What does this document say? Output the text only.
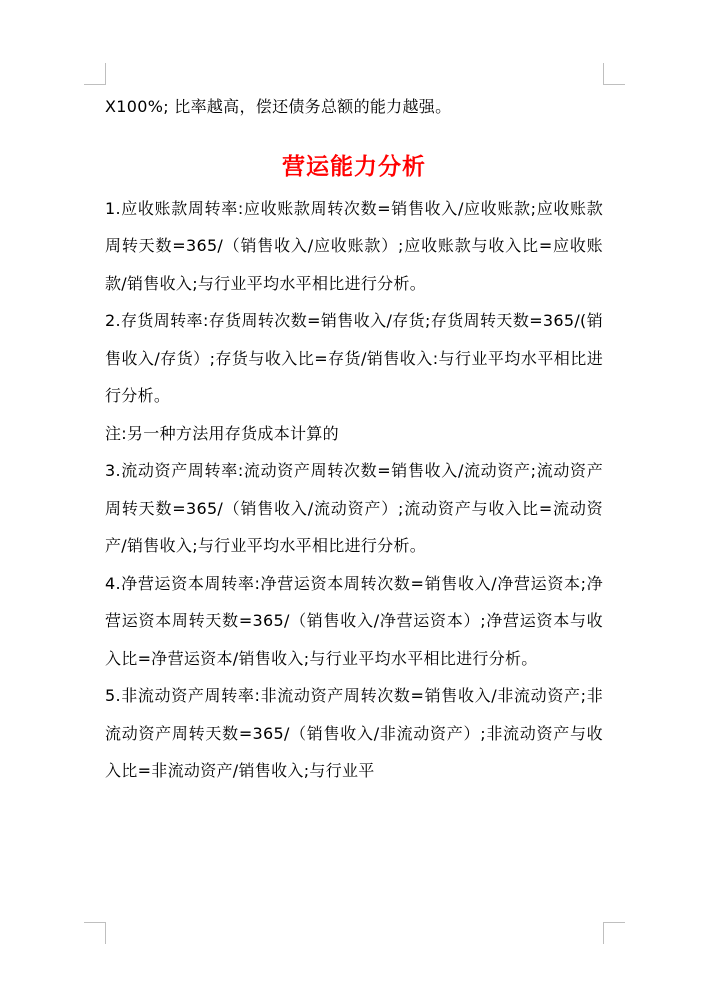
X100%; 比率越高，偿还债务总额的能力越强。

营运能力分析

1.应收账款周转率:应收账款周转次数=销售收入/应收账款;应收账款周转天数=365/（销售收入/应收账款）;应收账款与收入比=应收账款/销售收入;与行业平均水平相比进行分析。

2.存货周转率:存货周转次数=销售收入/存货;存货周转天数=365/(销售收入/存货）;存货与收入比=存货/销售收入:与行业平均水平相比进行分析。

注:另一种方法用存货成本计算的

3.流动资产周转率:流动资产周转次数=销售收入/流动资产;流动资产周转天数=365/（销售收入/流动资产）;流动资产与收入比=流动资产/销售收入;与行业平均水平相比进行分析。

4.净营运资本周转率:净营运资本周转次数=销售收入/净营运资本;净营运资本周转天数=365/（销售收入/净营运资本）;净营运资本与收入比=净营运资本/销售收入;与行业平均水平相比进行分析。

5.非流动资产周转率:非流动资产周转次数=销售收入/非流动资产;非流动资产周转天数=365/（销售收入/非流动资产）;非流动资产与收入比=非流动资产/销售收入;与行业平
